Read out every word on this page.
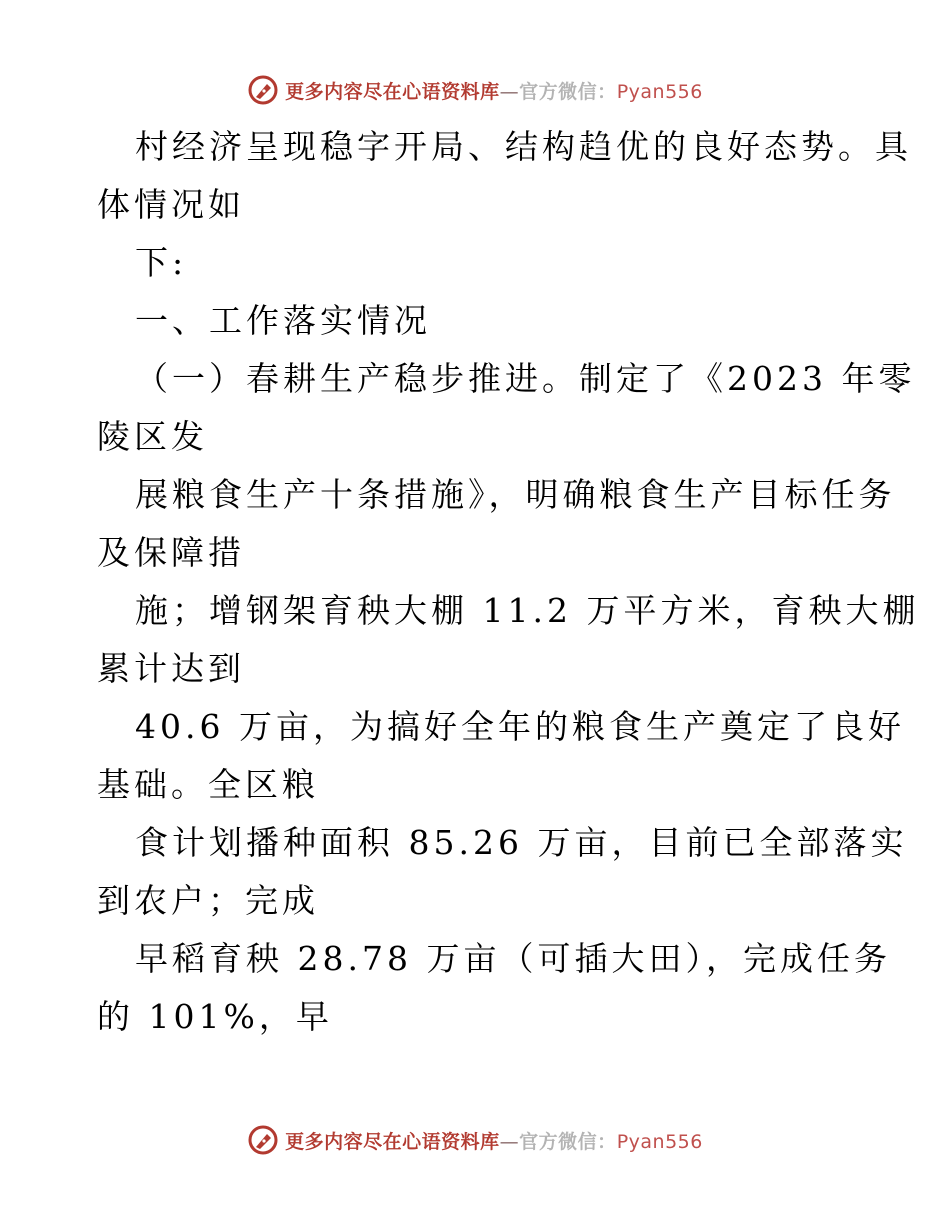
更多内容尽在心语资料库—官方微信：Pyan556
村经济呈现稳字开局、结构趋优的良好态势。具
体情况如
下:
一、工作落实情况
（一）春耕生产稳步推进。制定了《2023 年零
陵区发
展粮食生产十条措施》，明确粮食生产目标任务
及保障措
施；增钢架育秧大棚 11.2 万平方米，育秧大棚
累计达到
40.6 万亩，为搞好全年的粮食生产奠定了良好
基础。全区粮
食计划播种面积 85.26 万亩，目前已全部落实
到农户；完成
早稻育秧 28.78 万亩（可插大田），完成任务
的 101%，早
更多内容尽在心语资料库—官方微信：Pyan556
